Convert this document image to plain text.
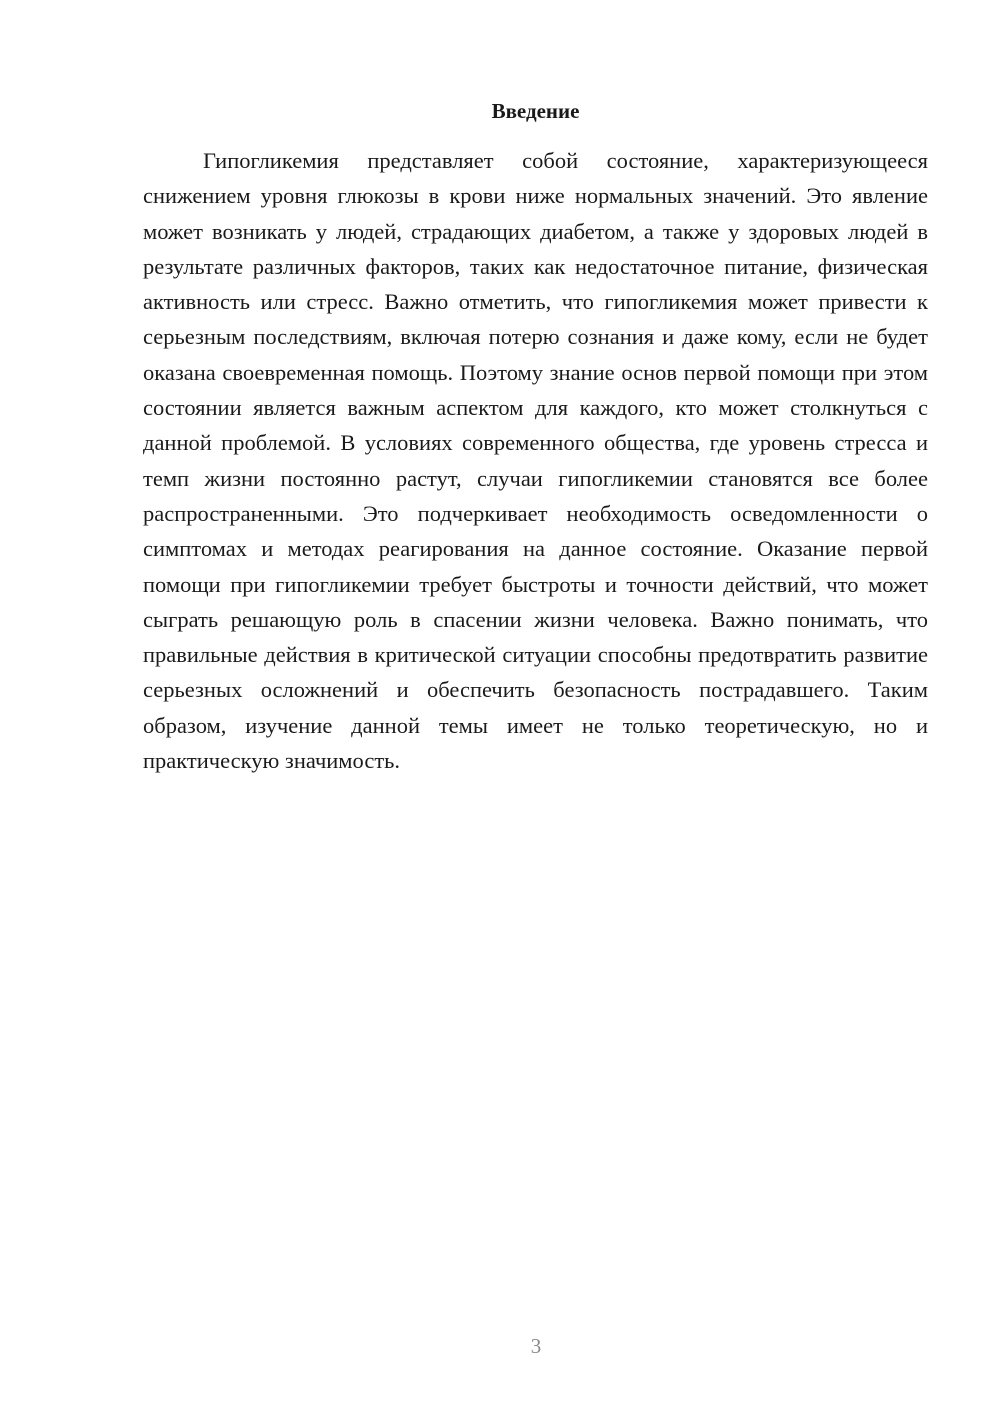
Введение

Гипогликемия представляет собой состояние, характеризующееся снижением уровня глюкозы в крови ниже нормальных значений. Это явление может возникать у людей, страдающих диабетом, а также у здоровых людей в результате различных факторов, таких как недостаточное питание, физическая активность или стресс. Важно отметить, что гипогликемия может привести к серьезным последствиям, включая потерю сознания и даже кому, если не будет оказана своевременная помощь. Поэтому знание основ первой помощи при этом состоянии является важным аспектом для каждого, кто может столкнуться с данной проблемой. В условиях современного общества, где уровень стресса и темп жизни постоянно растут, случаи гипогликемии становятся все более распространенными. Это подчеркивает необходимость осведомленности о симптомах и методах реагирования на данное состояние. Оказание первой помощи при гипогликемии требует быстроты и точности действий, что может сыграть решающую роль в спасении жизни человека. Важно понимать, что правильные действия в критической ситуации способны предотвратить развитие серьезных осложнений и обеспечить безопасность пострадавшего. Таким образом, изучение данной темы имеет не только теоретическую, но и практическую значимость.

3
